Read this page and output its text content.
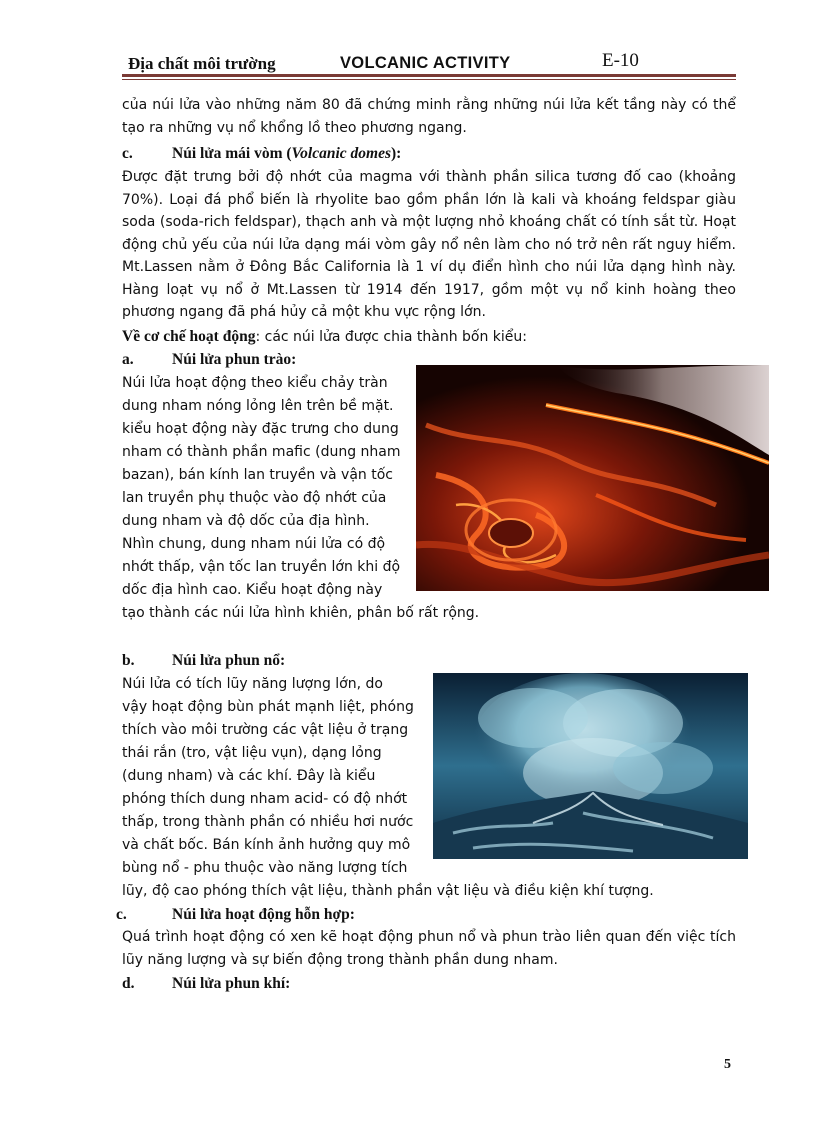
Địa chất môi trường	VOLCANIC ACTIVITY	E-10
của núi lửa vào những năm 80 đã chứng minh rằng những núi lửa kết tầng này có thể tạo ra những vụ nổ khổng lồ theo phương ngang.
c.	Núi lửa mái vòm (Volcanic domes):
Được đặt trưng bởi độ nhớt của magma với thành phần silica tương đố cao (khoảng 70%). Loại đá phổ biến là rhyolite bao gồm phần lớn là kali và khoáng feldspar giàu soda (soda-rich feldspar), thạch anh và một lượng nhỏ khoáng chất có tính sắt từ. Hoạt động chủ yếu của núi lửa dạng mái vòm gây nổ nên làm cho nó trở nên rất nguy hiểm. Mt.Lassen nằm ở Đông Bắc California là 1 ví dụ điển hình cho núi lửa dạng hình này. Hàng loạt vụ nổ ở Mt.Lassen từ 1914 đến 1917, gồm một vụ nổ kinh hoàng theo phương ngang đã phá hủy cả một khu vực rộng lớn.
Về cơ chế hoạt động: các núi lửa được chia thành bốn kiểu:
a. Núi lửa phun trào:
Núi lửa hoạt động theo kiểu chảy tràn
dung nham nóng lỏng lên trên bề mặt.
kiểu hoạt động này đặc trưng cho dung
nham có thành phần mafic (dung nham
bazan), bán kính lan truyền và vận tốc
lan truyền phụ thuộc vào độ nhớt của
dung nham và độ dốc của địa hình.
Nhìn chung, dung nham núi lửa có độ
nhớt thấp, vận tốc lan truyền lớn khi độ
dốc địa hình cao. Kiểu hoạt động này
tạo thành các núi lửa hình khiên, phân bố rất rộng.
b. Núi lửa phun nổ:
Núi lửa có tích lũy năng lượng lớn, do
vậy hoạt động bùn phát mạnh liệt, phóng
thích vào môi trường các vật liệu ở trạng
thái rắn (tro, vật liệu vụn), dạng lỏng
(dung nham) và các khí. Đây là kiểu
phóng thích dung nham acid- có độ nhớt
thấp, trong thành phần có nhiều hơi nước
và chất bốc. Bán kính ảnh hưởng quy mô
bùng nổ - phu thuộc vào năng lượng tích
lũy, độ cao phóng thích vật liệu, thành phần vật liệu và điều kiện khí tượng.
c.	Núi lửa hoạt động hỗn hợp:
Quá trình hoạt động có xen kẽ hoạt động phun nổ và phun trào liên quan đến việc tích lũy năng lượng và sự biến động trong thành phần dung nham.
d. Núi lửa phun khí:
5
